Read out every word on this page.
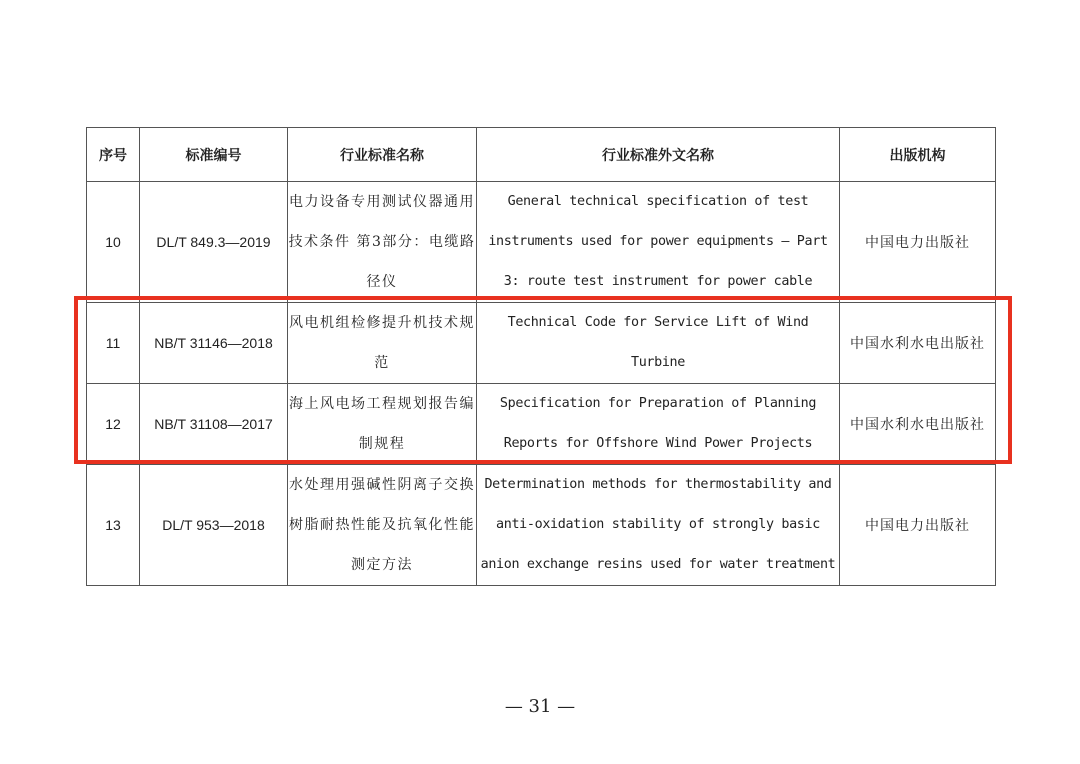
序号	标准编号	行业标准名称	行业标准外文名称	出版机构
10	DL/T 849.3—2019	电力设备专用测试仪器通用技术条件 第3部分：电缆路径仪	General technical specification of test instruments used for power equipments — Part 3: route test instrument for power cable	中国电力出版社
11	NB/T 31146—2018	风电机组检修提升机技术规范	Technical Code for Service Lift of Wind Turbine	中国水利水电出版社
12	NB/T 31108—2017	海上风电场工程规划报告编制规程	Specification for Preparation of Planning Reports for Offshore Wind Power Projects	中国水利水电出版社
13	DL/T 953—2018	水处理用强碱性阴离子交换树脂耐热性能及抗氧化性能测定方法	Determination methods for thermostability and anti-oxidation stability of strongly basic anion exchange resins used for water treatment	中国电力出版社
— 31 —
